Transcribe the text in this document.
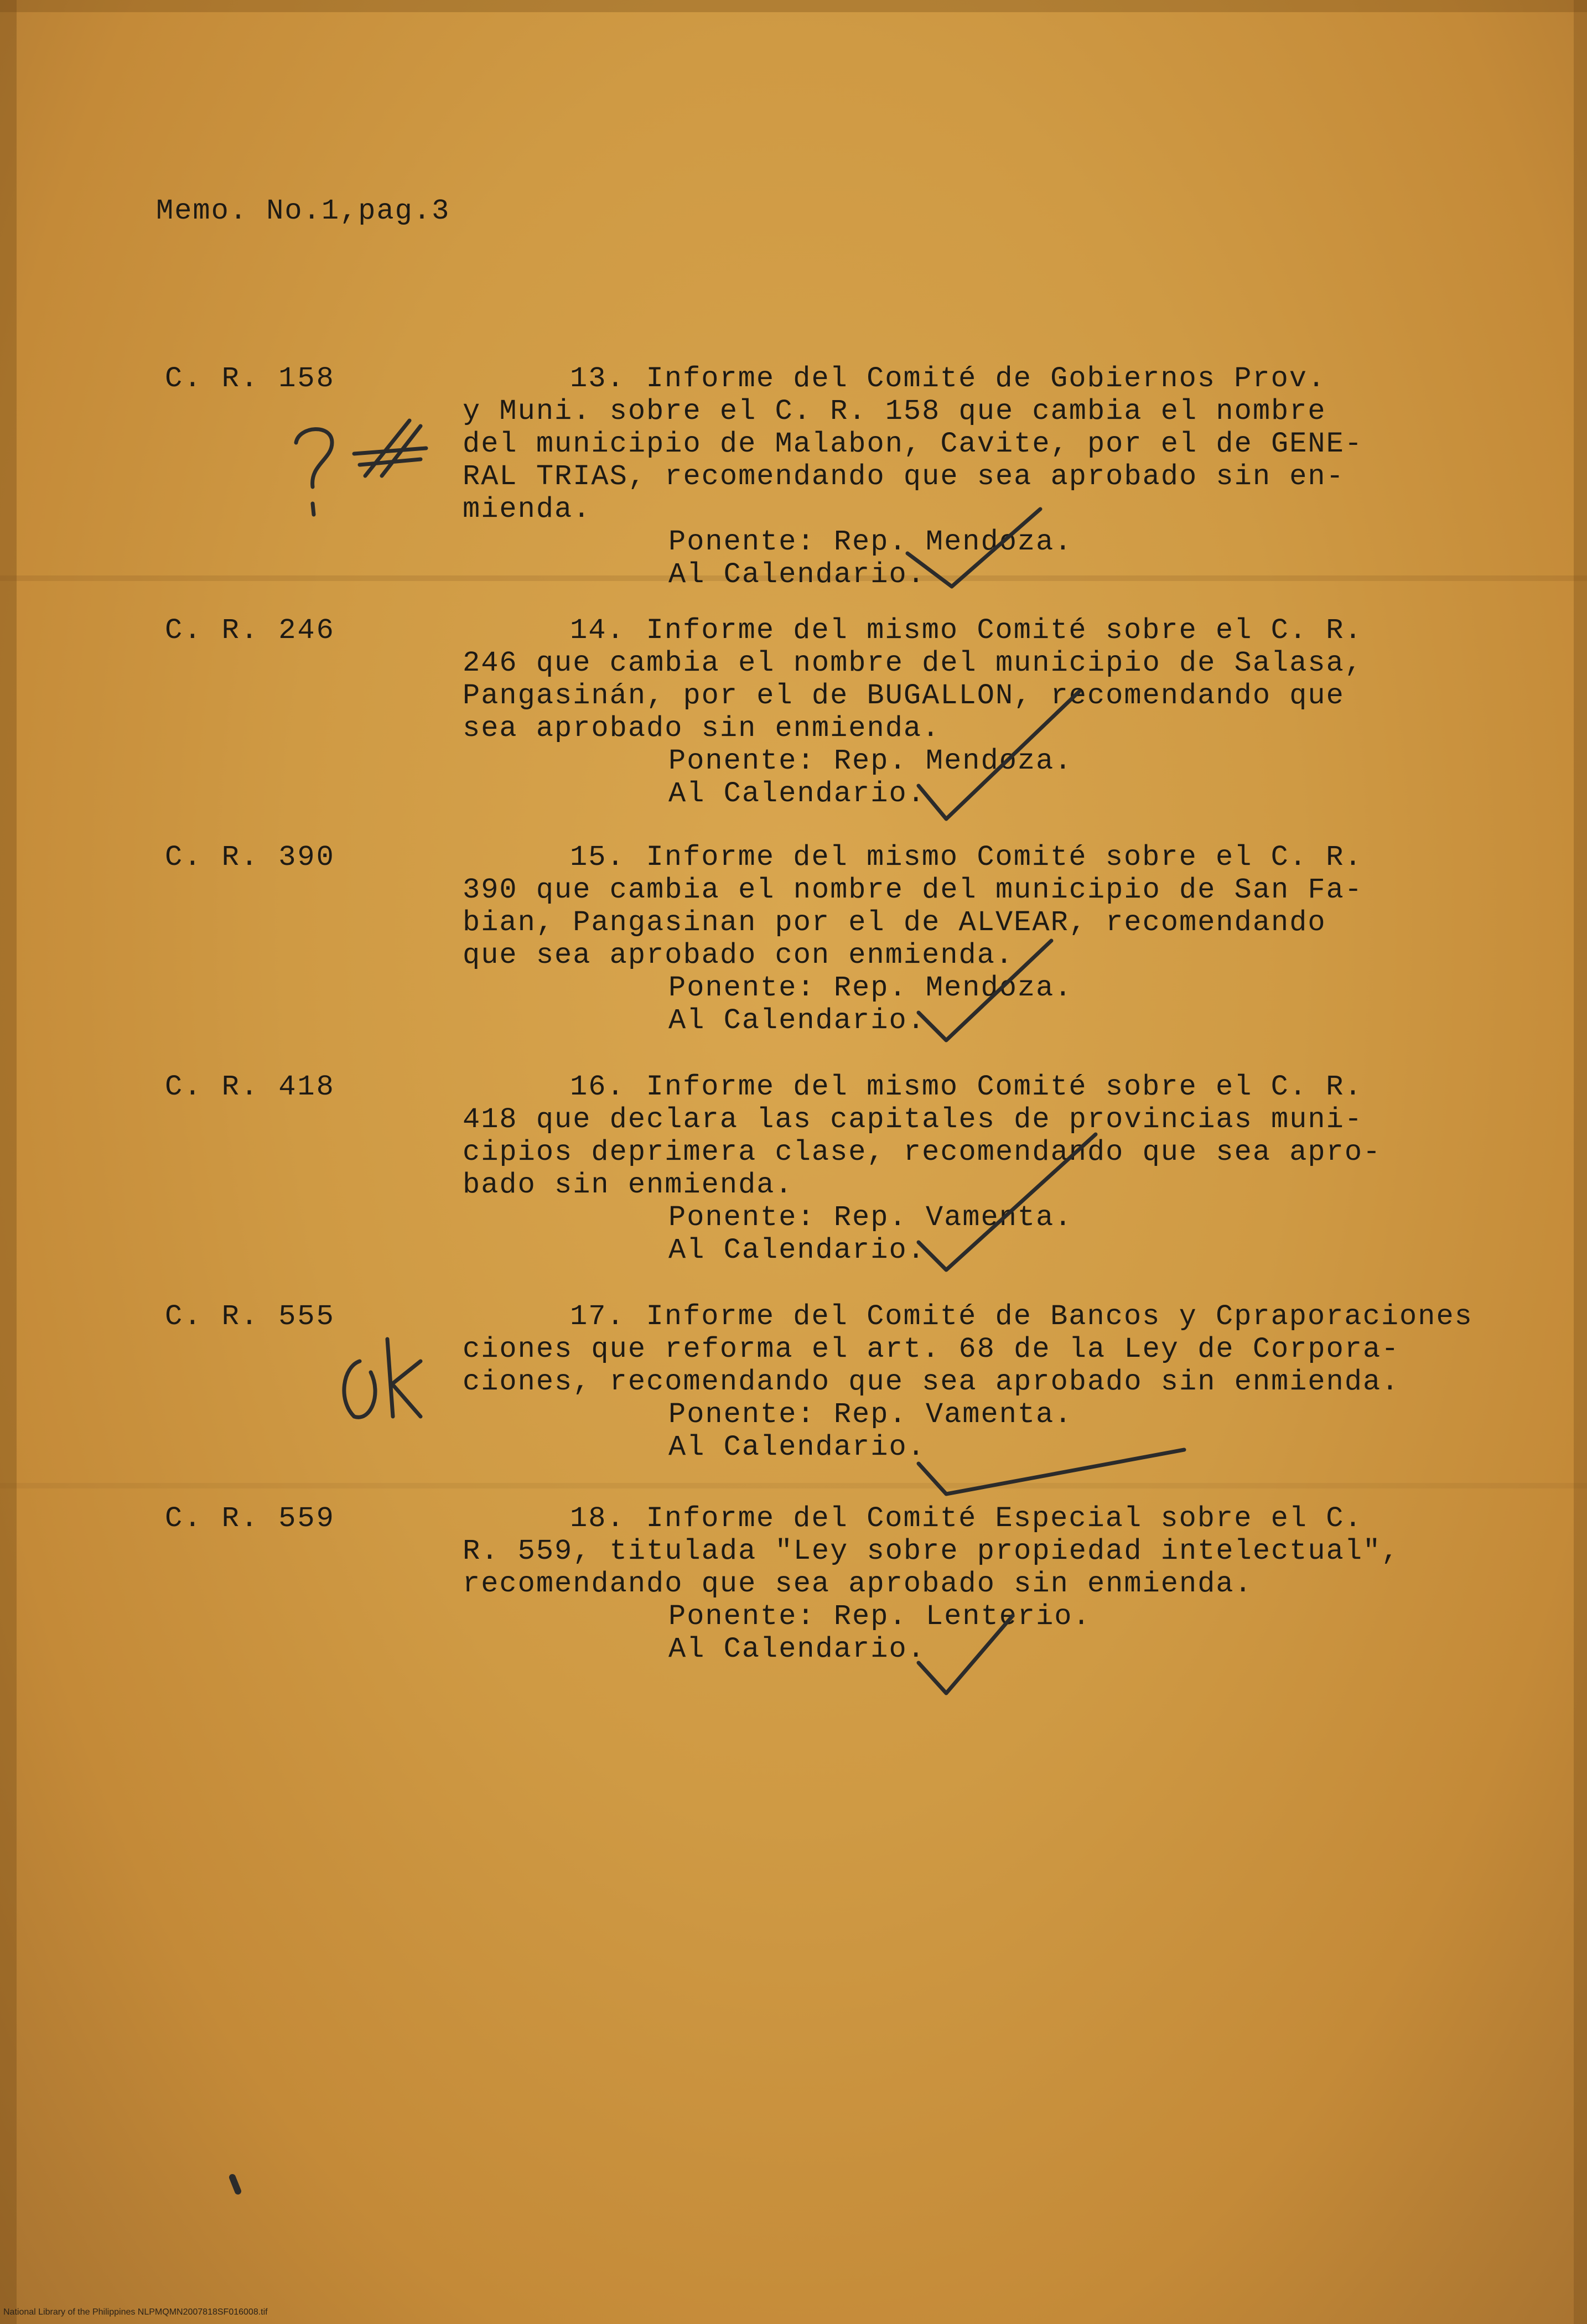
Memo. No.1,pag.3
C. R. 158	13. Informe del Comité de Gobiernos Prov.
y Muni. sobre el C. R. 158 que cambia el nombre
del municipio de Malabon, Cavite, por el de GENE-
RAL TRIAS, recomendando que sea aprobado sin en-
mienda.
Ponente: Rep. Mendoza.
Al Calendario.
C. R. 246	14. Informe del mismo Comité sobre el C. R.
246 que cambia el nombre del municipio de Salasa,
Pangasinán, por el de BUGALLON, recomendando que
sea aprobado sin enmienda.
Ponente: Rep. Mendoza.
Al Calendario.
C. R. 390	15. Informe del mismo Comité sobre el C. R.
390 que cambia el nombre del municipio de San Fa-
bian, Pangasinan por el de ALVEAR, recomendando
que sea aprobado con enmienda.
Ponente: Rep. Mendoza.
Al Calendario.
C. R. 418	16. Informe del mismo Comité sobre el C. R.
418 que declara las capitales de provincias muni-
cipios deprimera clase, recomendando que sea apro-
bado sin enmienda.
Ponente: Rep. Vamenta.
Al Calendario.
C. R. 555	17. Informe del Comité de Bancos y Cpraporaciones
ciones que reforma el art. 68 de la Ley de Corpora-
ciones, recomendando que sea aprobado sin enmienda.
Ponente: Rep. Vamenta.
Al Calendario.
C. R. 559	18. Informe del Comité Especial sobre el C.
R. 559, titulada "Ley sobre propiedad intelectual",
recomendando que sea aprobado sin enmienda.
Ponente: Rep. Lenterio.
Al Calendario.
National Library of the Philippines NLPMQMN2007818SF016008.tif
